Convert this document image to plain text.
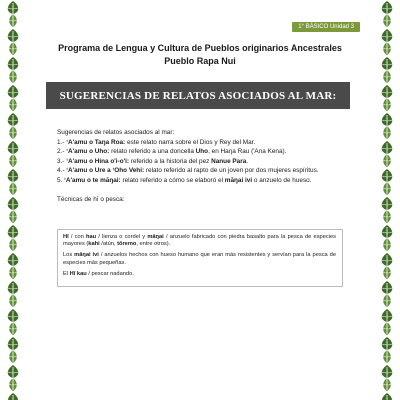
1° BÁSICO Unidad 3
Programa de Lengua y Cultura de Pueblos originarios Ancestrales
Pueblo Rapa Nui
SUGERENCIAS DE RELATOS ASOCIADOS AL MAR:

Sugerencias de relatos asociados al mar:

1.- ʻA'amu o Taŋa Roa: este relato narra sobre el Dios y Rey del Mar.

2.- ʻA'amu o Uho: relato referido a una doncella Uho, en Haŋa Rau ('Ana Kena).

3.- ʻA'amu o Hina o'i-o'i: referido a la historia del pez Nanue Para.

4.- ʻA'amu o Ure a ʻOho Vehi: relato referido al rapto de un joven por dos mujeres espíritus.

5. ʻA'amu o te māŋai: relato referido a cómo se elaboró el māŋai ivi o anzuelo de hueso.

Técnicas de hī o pesca:

Hī / con hau / lienza o cordel y māŋai / anzuelo fabricado con piedra basalto para la pesca de especies mayores (kahi /atún, tōremo, entre otros).

Los māŋai ivi / anzuelos hechos con hueso humano que eran más resistentes y servían para la pesca de especies más pequeñas.

El Hī kau / pescar nadando.
